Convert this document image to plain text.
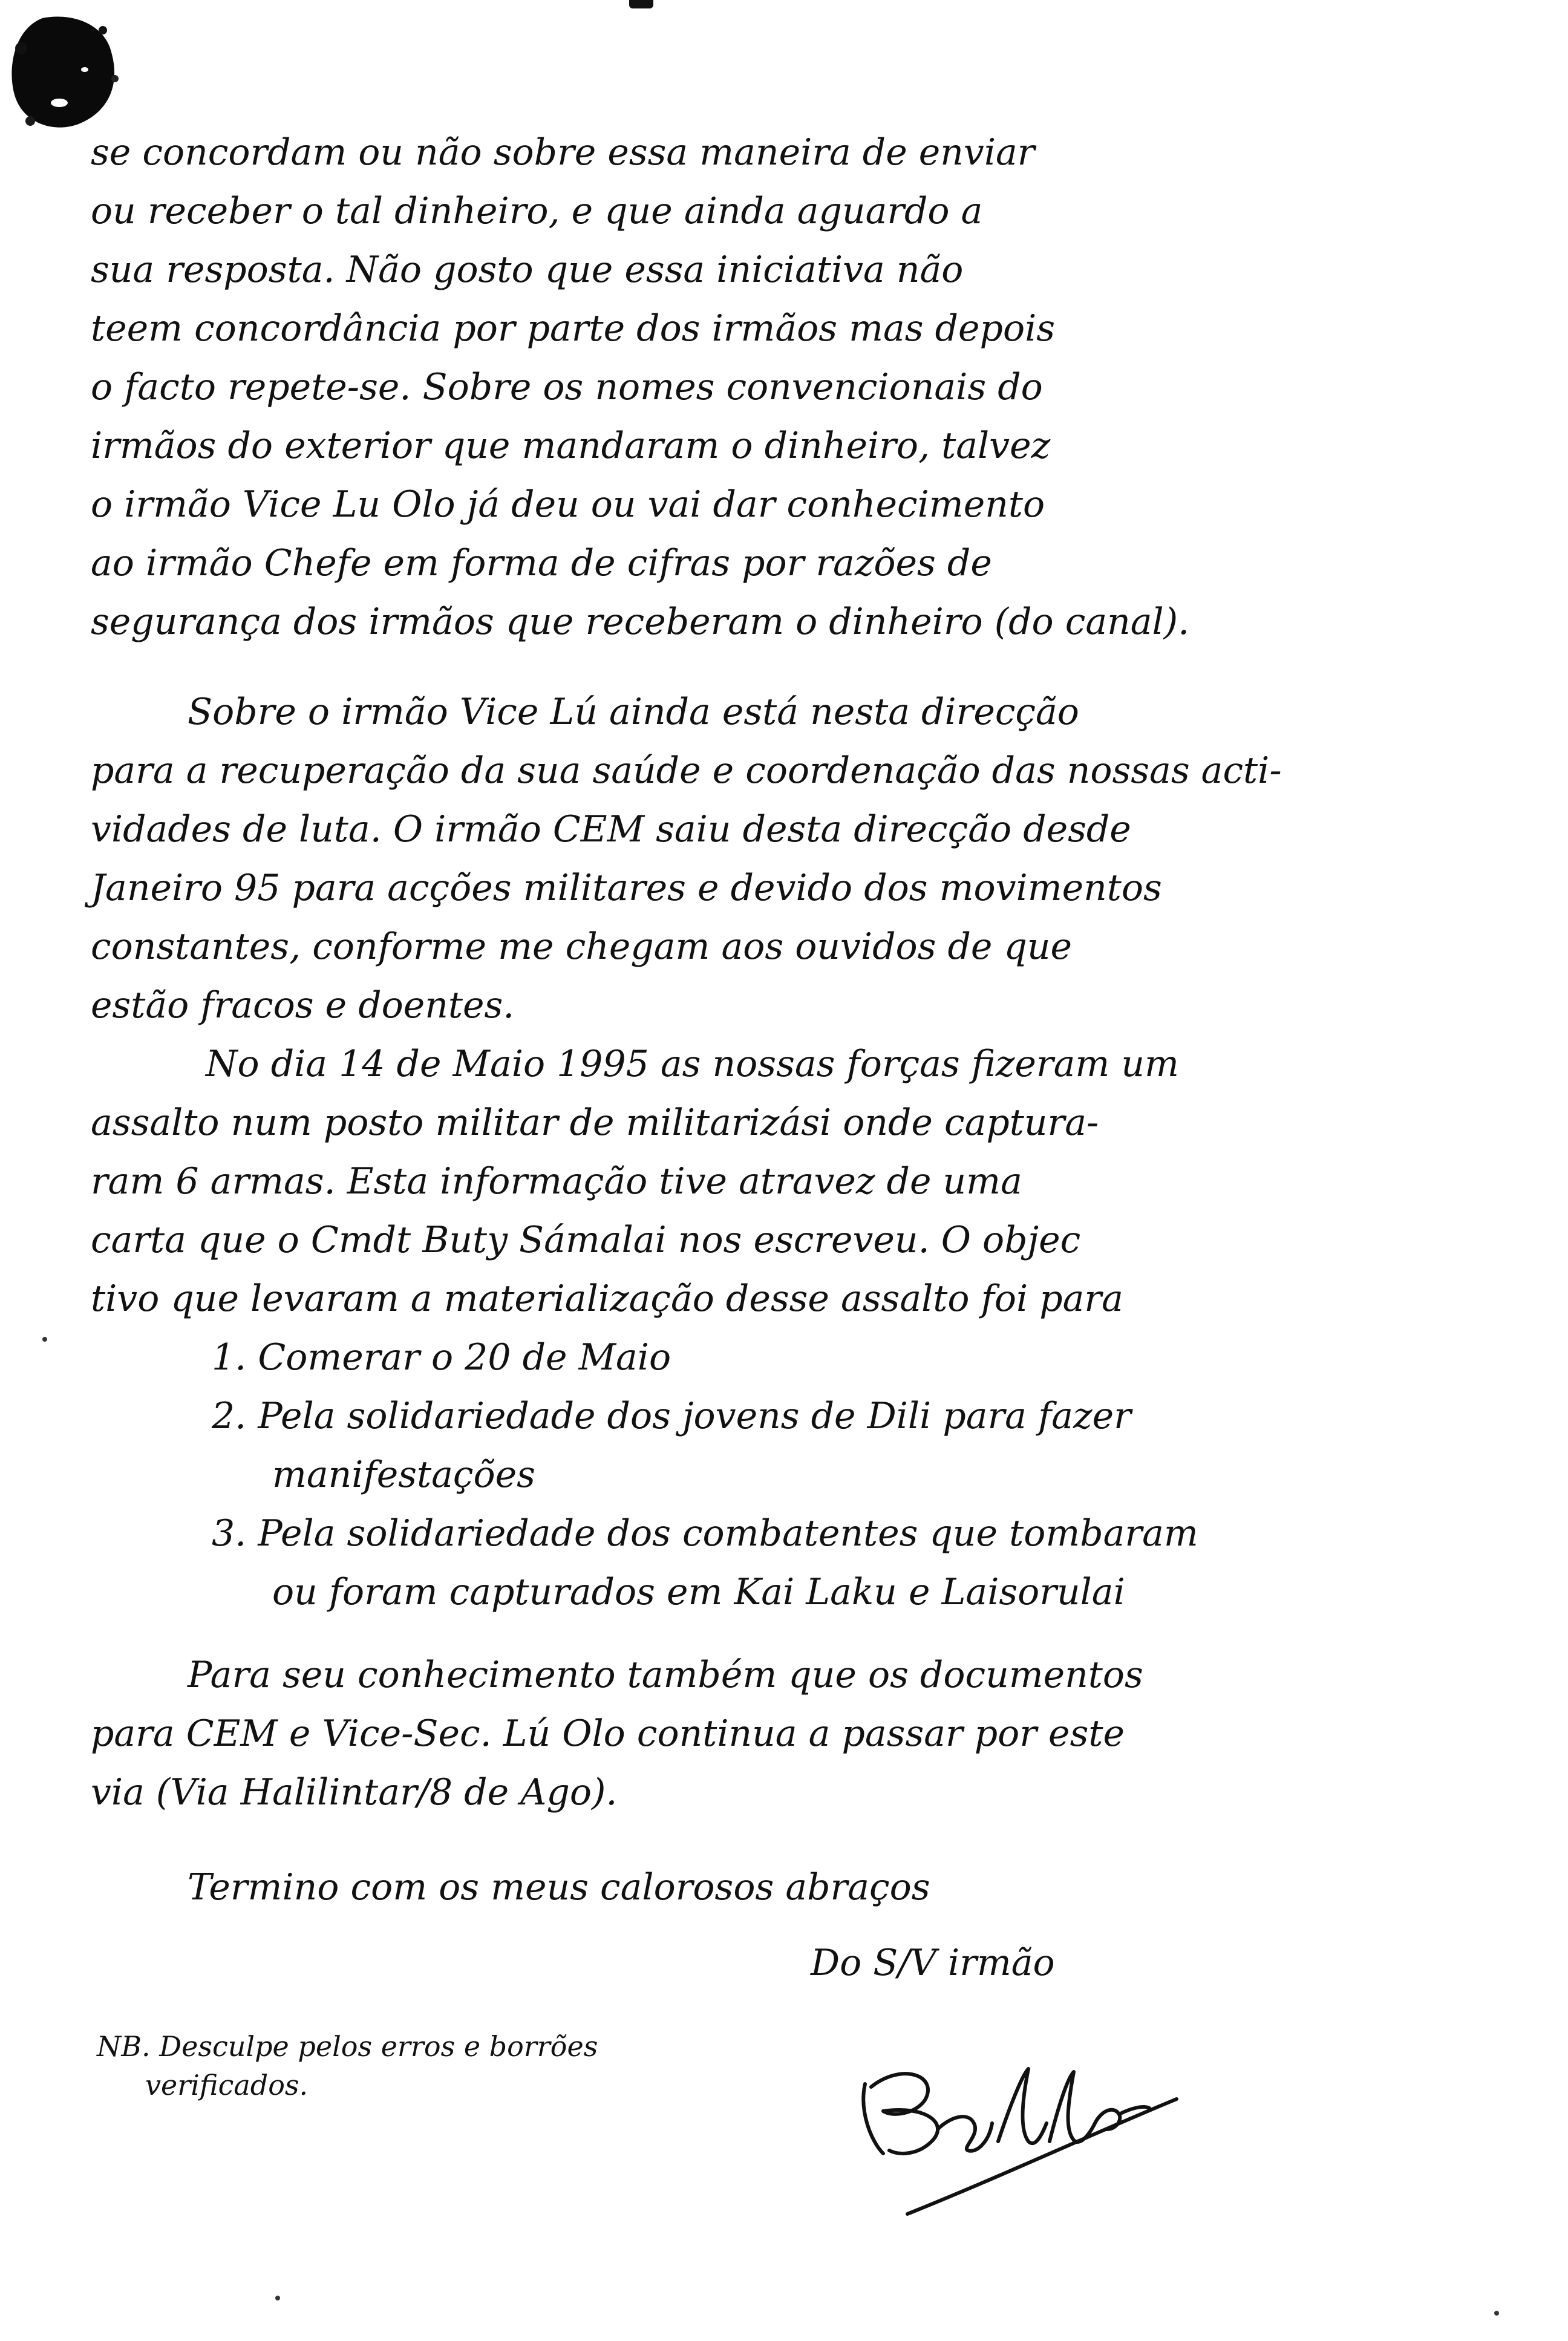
se concordam ou não sobre essa maneira de enviar
ou receber o tal dinheiro, e que ainda aguardo a
sua resposta. Não gosto que essa iniciativa não
teem concordância por parte dos irmãos mas depois
o facto repete-se. Sobre os nomes convencionais do
irmãos do exterior que mandaram o dinheiro, talvez
o irmão Vice Lu Olo já deu ou vai dar conhecimento
ao irmão Chefe em forma de cifras por razões de
segurança dos irmãos que receberam o dinheiro (do canal).
Sobre o irmão Vice Lú ainda está nesta direcção
para a recuperação da sua saúde e coordenação das nossas acti-
vidades de luta. O irmão CEM saiu desta direcção desde
Janeiro 95 para acções militares e devido dos movimentos
constantes, conforme me chegam aos ouvidos de que
estão fracos e doentes.
No dia 14 de Maio 1995 as nossas forças fizeram um
assalto num posto militar de militarizási onde captura-
ram 6 armas. Esta informação tive atravez de uma
carta que o Cmdt Buty Sámalai nos escreveu. O objec
tivo que levaram a materialização desse assalto foi para
1. Comerar o 20 de Maio
2. Pela solidariedade dos jovens de Dili para fazer
manifestações
3. Pela solidariedade dos combatentes que tombaram
ou foram capturados em Kai Laku e Laisorulai
Para seu conhecimento também que os documentos
para CEM e Vice-Sec. Lú Olo continua a passar por este
via (Via Halilintar/8 de Ago).
Termino com os meus calorosos abraços
Do S/V irmão
NB. Desculpe pelos erros e borrões
verificados.
